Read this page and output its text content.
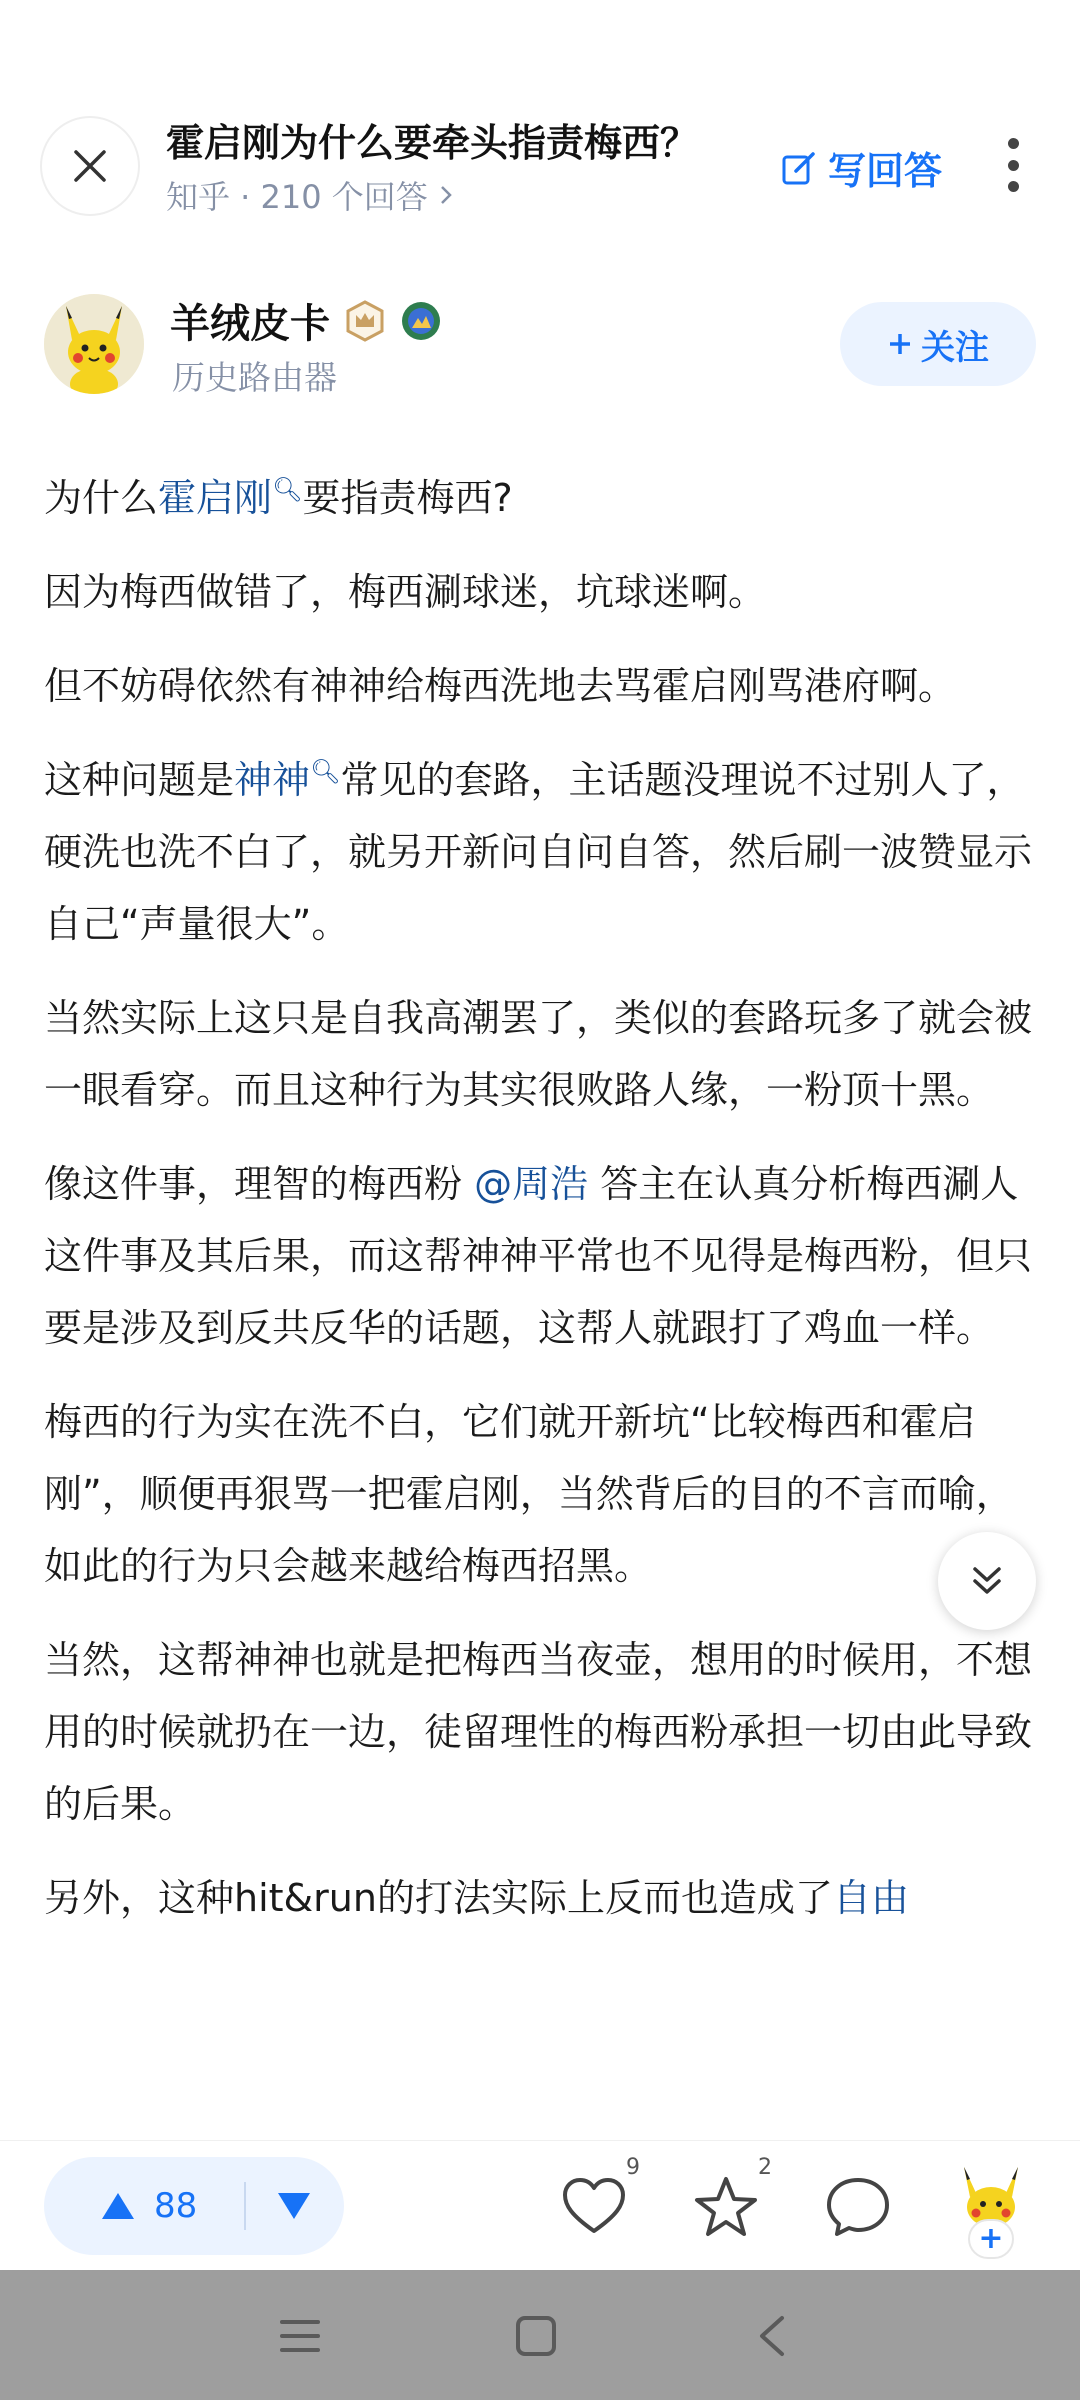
霍启刚为什么要牵头指责梅西？
知乎 · 210 个回答
写回答
羊绒皮卡
历史路由器
关注

为什么霍启刚🔍︎要指责梅西?

因为梅西做错了，梅西涮球迷，坑球迷啊。

但不妨碍依然有神神给梅西洗地去骂霍启刚骂港府啊。

这种问题是神神🔍︎常见的套路，主话题没理说不过别人了，硬洗也洗不白了，就另开新问自问自答，然后刷一波赞显示自己“声量很大”。

当然实际上这只是自我高潮罢了，类似的套路玩多了就会被一眼看穿。而且这种行为其实很败路人缘，一粉顶十黑。

像这件事，理智的梅西粉 @周浩 答主在认真分析梅西涮人这件事及其后果，而这帮神神平常也不见得是梅西粉，但只要是涉及到反共反华的话题，这帮人就跟打了鸡血一样。

梅西的行为实在洗不白，它们就开新坑“比较梅西和霍启刚”，顺便再狠骂一把霍启刚，当然背后的目的不言而喻，如此的行为只会越来越给梅西招黑。

当然，这帮神神也就是把梅西当夜壶，想用的时候用，不想用的时候就扔在一边，徒留理性的梅西粉承担一切由此导致的后果。

另外，这种hit&run的打法实际上反而也造成了自由

88
9	2
+
